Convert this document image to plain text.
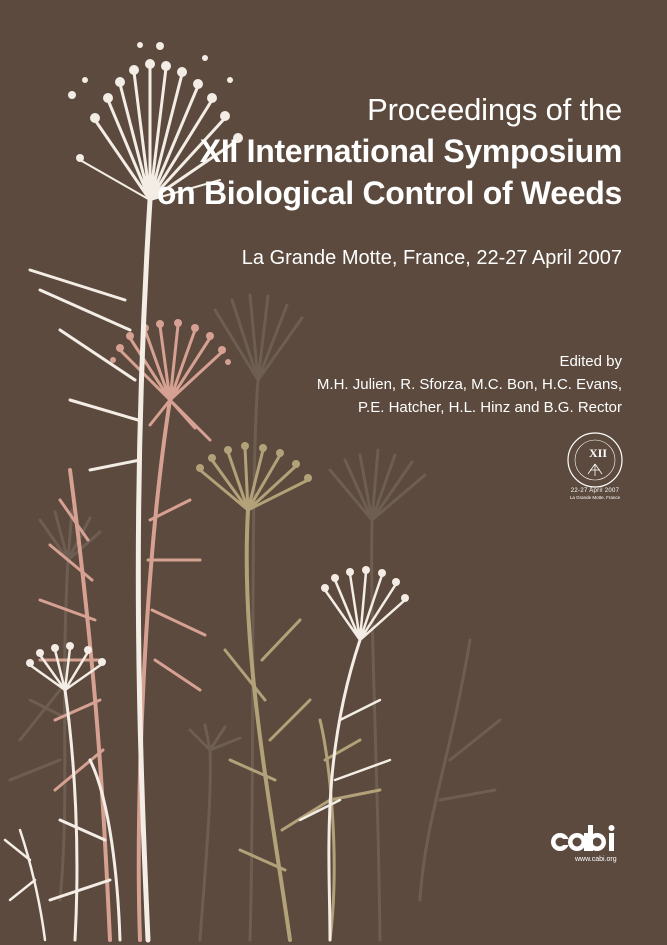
Proceedings of the
XII International Symposium
on Biological Control of Weeds
La Grande Motte, France, 22-27 April 2007
Edited by
M.H. Julien, R. Sforza, M.C. Bon, H.C. Evans,
P.E. Hatcher, H.L. Hinz and B.G. Rector
XII
22-27 April 2007
La Grande Motte, France
www.cabi.org
